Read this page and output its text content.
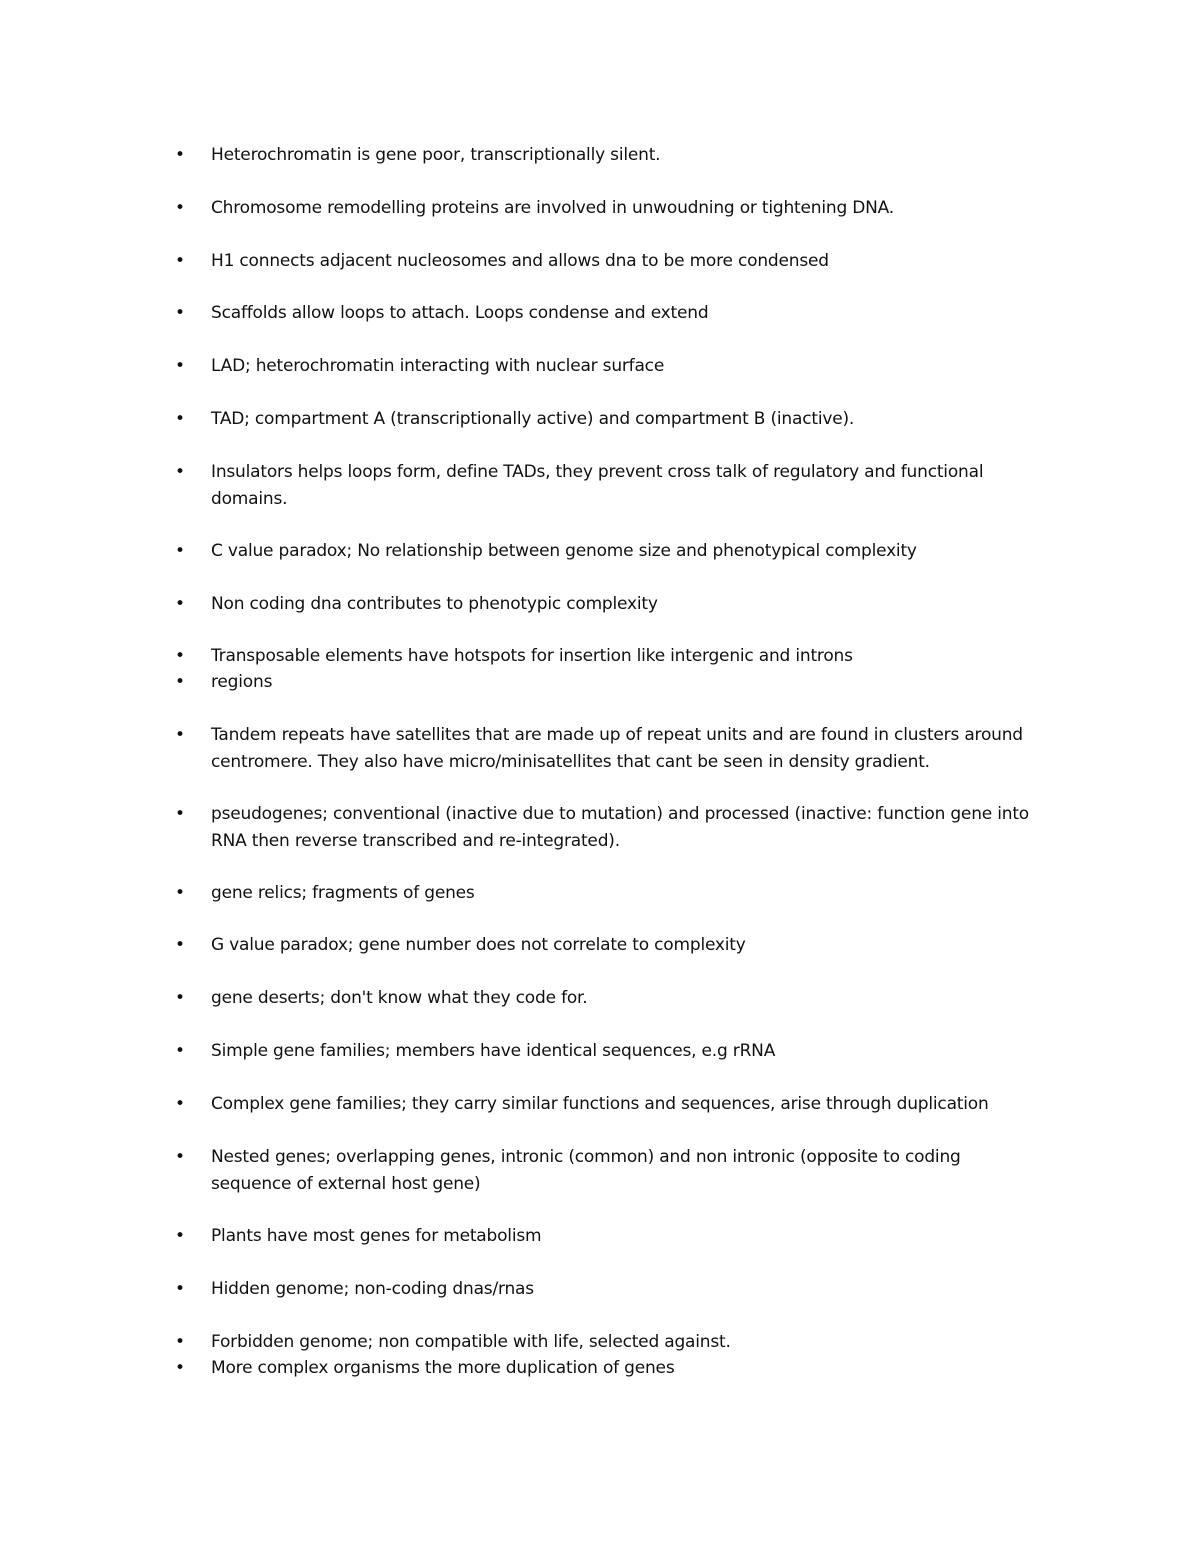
• Heterochromatin is gene poor, transcriptionally silent.
• Chromosome remodelling proteins are involved in unwoudning or tightening DNA.
• H1 connects adjacent nucleosomes and allows dna to be more condensed
• Scaffolds allow loops to attach. Loops condense and extend
• LAD; heterochromatin interacting with nuclear surface
• TAD; compartment A (transcriptionally active) and compartment B (inactive).
• Insulators helps loops form, define TADs, they prevent cross talk of regulatory and functional domains.
• C value paradox; No relationship between genome size and phenotypical complexity
• Non coding dna contributes to phenotypic complexity
• Transposable elements have hotspots for insertion like intergenic and introns
• regions
• Tandem repeats have satellites that are made up of repeat units and are found in clusters around centromere. They also have micro/minisatellites that cant be seen in density gradient.
• pseudogenes; conventional (inactive due to mutation) and processed (inactive: function gene into RNA then reverse transcribed and re-integrated).
• gene relics; fragments of genes
• G value paradox; gene number does not correlate to complexity
• gene deserts; don't know what they code for.
• Simple gene families; members have identical sequences, e.g rRNA
• Complex gene families; they carry similar functions and sequences, arise through duplication
• Nested genes; overlapping genes, intronic (common) and non intronic (opposite to coding sequence of external host gene)
• Plants have most genes for metabolism
• Hidden genome; non-coding dnas/rnas
• Forbidden genome; non compatible with life, selected against.
• More complex organisms the more duplication of genes
